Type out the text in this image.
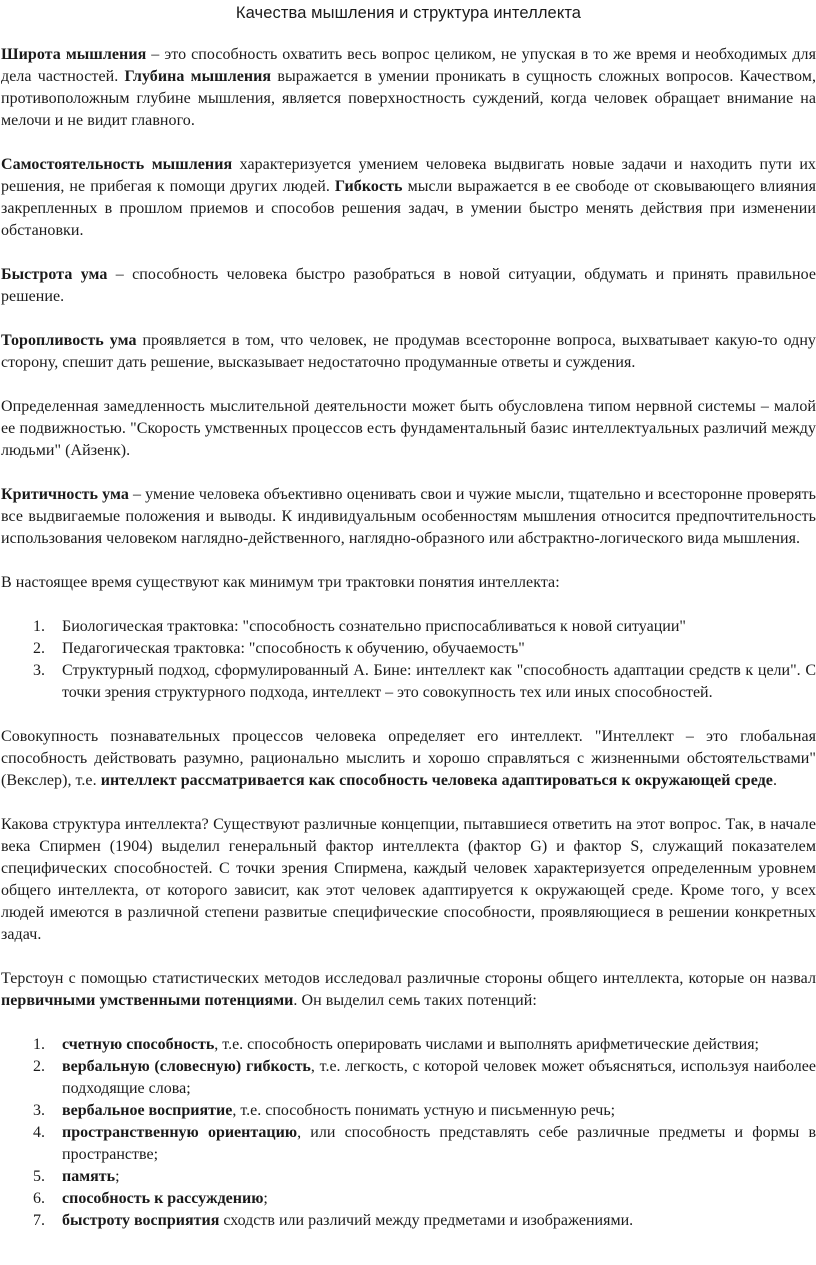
Качества мышления и структура интеллекта

Широта мышления – это способность охватить весь вопрос целиком, не упуская в то же время и необходимых для дела частностей. Глубина мышления выражается в умении проникать в сущность сложных вопросов. Качеством, противоположным глубине мышления, является поверхностность суждений, когда человек обращает внимание на мелочи и не видит главного.

Самостоятельность мышления характеризуется умением человека выдвигать новые задачи и находить пути их решения, не прибегая к помощи других людей. Гибкость мысли выражается в ее свободе от сковывающего влияния закрепленных в прошлом приемов и способов решения задач, в умении быстро менять действия при изменении обстановки.

Быстрота ума – способность человека быстро разобраться в новой ситуации, обдумать и принять правильное решение.

Торопливость ума проявляется в том, что человек, не продумав всесторонне вопроса, выхватывает какую-то одну сторону, спешит дать решение, высказывает недостаточно продуманные ответы и суждения.

Определенная замедленность мыслительной деятельности может быть обусловлена типом нервной системы – малой ее подвижностью. "Скорость умственных процессов есть фундаментальный базис интеллектуальных различий между людьми" (Айзенк).

Критичность ума – умение человека объективно оценивать свои и чужие мысли, тщательно и всесторонне проверять все выдвигаемые положения и выводы. К индивидуальным особенностям мышления относится предпочтительность использования человеком наглядно-действенного, наглядно-образного или абстрактно-логического вида мышления.

В настоящее время существуют как минимум три трактовки понятия интеллекта:

1. Биологическая трактовка: "способность сознательно приспосабливаться к новой ситуации"
2. Педагогическая трактовка: "способность к обучению, обучаемость"
3. Структурный подход, сформулированный А. Бине: интеллект как "способность адаптации средств к цели". С точки зрения структурного подхода, интеллект – это совокупность тех или иных способностей.

Совокупность познавательных процессов человека определяет его интеллект. "Интеллект – это глобальная способность действовать разумно, рационально мыслить и хорошо справляться с жизненными обстоятельствами" (Векслер), т.е. интеллект рассматривается как способность человека адаптироваться к окружающей среде.

Какова структура интеллекта? Существуют различные концепции, пытавшиеся ответить на этот вопрос. Так, в начале века Спирмен (1904) выделил генеральный фактор интеллекта (фактор G) и фактор S, служащий показателем специфических способностей. С точки зрения Спирмена, каждый человек характеризуется определенным уровнем общего интеллекта, от которого зависит, как этот человек адаптируется к окружающей среде. Кроме того, у всех людей имеются в различной степени развитые специфические способности, проявляющиеся в решении конкретных задач.

Терстоун с помощью статистических методов исследовал различные стороны общего интеллекта, которые он назвал первичными умственными потенциями. Он выделил семь таких потенций:

1. счетную способность, т.е. способность оперировать числами и выполнять арифметические действия;
2. вербальную (словесную) гибкость, т.е. легкость, с которой человек может объясняться, используя наиболее подходящие слова;
3. вербальное восприятие, т.е. способность понимать устную и письменную речь;
4. пространственную ориентацию, или способность представлять себе различные предметы и формы в пространстве;
5. память;
6. способность к рассуждению;
7. быстроту восприятия сходств или различий между предметами и изображениями.
